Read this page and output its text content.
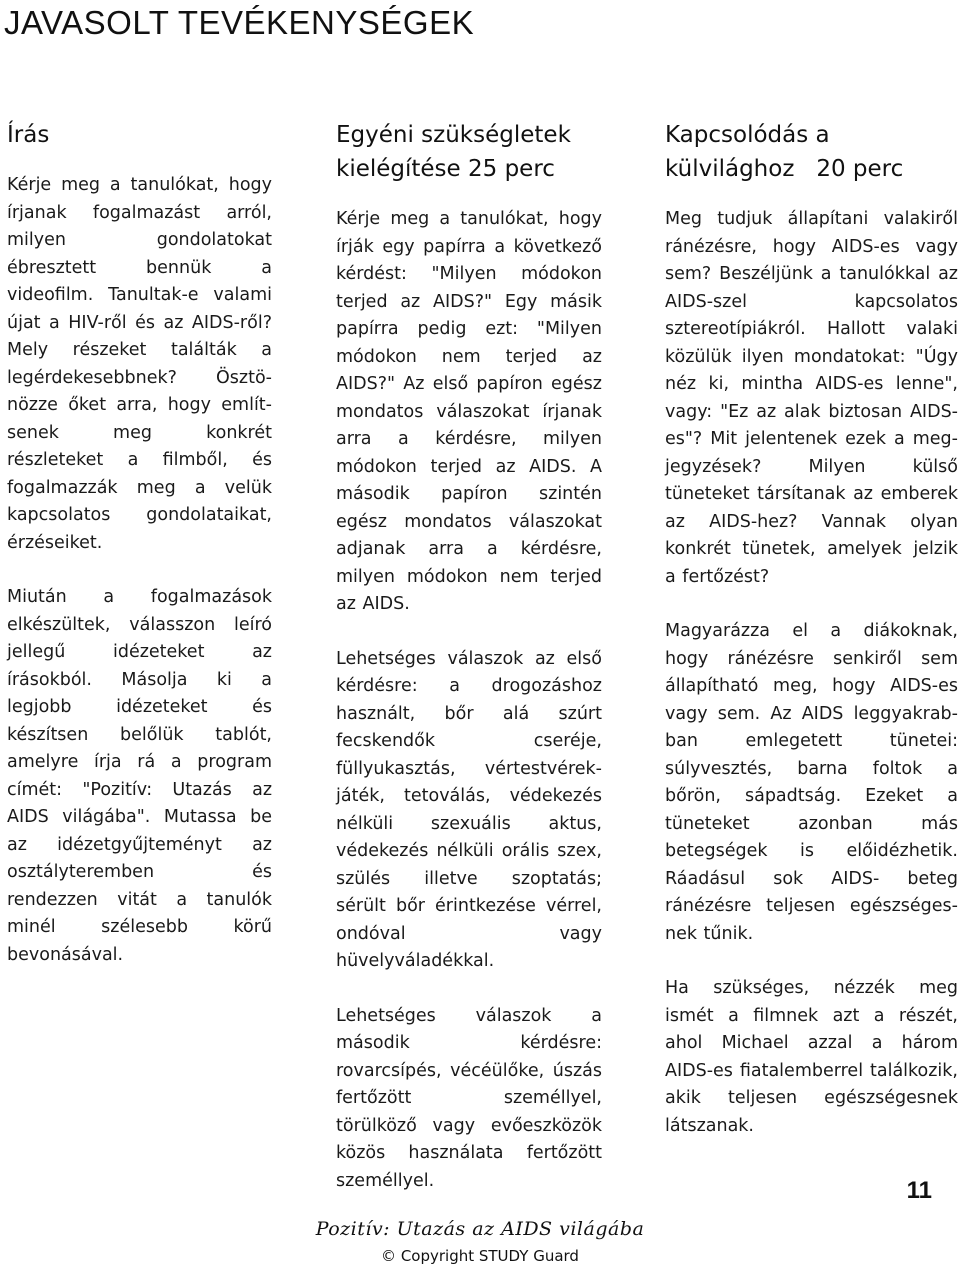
JAVASOLT TEVÉKENYSÉGEK
Írás

Kérje meg a tanulókat, hogy írjanak fogalmazást arról, milyen gondolatokat ébresztett bennük a videofilm. Tanultak-e valami újat a HIV-ről és az AIDS-ről? Mely részeket találták a legérdekesebbnek? Ösztönözze őket arra, hogy említsenek meg konkrét részleteket a filmből, és fogalmazzák meg a velük kapcsolatos gondolataikat, érzéseiket.

Miután a fogalmazások elkészültek, válasszon leíró jellegű idézeteket az írásokból. Másolja ki a legjobb idézeteket és készítsen belőlük tablót, amelyre írja rá a program címét: "Pozitív: Utazás az AIDS világába". Mutassa be az idézetgyűjteményt az osztályteremben és rendezzen vitát a tanulók minél szélesebb körű bevonásával.

Egyéni szükségletek kielégítése 25 perc

Kérje meg a tanulókat, hogy írják egy papírra a következő kérdést: "Milyen módokon terjed az AIDS?" Egy másik papírra pedig ezt: "Milyen módokon nem terjed az AIDS?" Az első papíron egész mondatos válaszokat írjanak arra a kérdésre, milyen módokon terjed az AIDS. A második papíron szintén egész mondatos válaszokat adjanak arra a kérdésre, milyen módokon nem terjed az AIDS.

Lehetséges válaszok az első kérdésre: a drogozáshoz használt, bőr alá szúrt fecskendők cseréje, füllyukasztás, vértestvérek- játék, tetoválás, védekezés nélküli szexuális aktus, védekezés nélküli orális szex, szülés illetve szoptatás; sérült bőr érintkezése vérrel, ondóval vagy hüvelyváladékkal.

Lehetséges válaszok a második kérdésre: rovarcsípés, vécéülőke, úszás fertőzött személlyel, törülköző vagy evőeszközök közös használata fertőzött személlyel.

Kapcsolódás a külvilághoz   20 perc

Meg tudjuk állapítani valakiről ránézésre, hogy AIDS-es vagy sem? Beszéljünk a tanulókkal az AIDS-szel kapcsolatos sztereotípiákról. Hallott valaki közülük ilyen mondatokat: "Úgy néz ki, mintha AIDS-es lenne", vagy: "Ez az alak biztosan AIDS-es"? Mit jelentenek ezek a megjegyzések? Milyen külső tüneteket társítanak az emberek az AIDS-hez? Vannak olyan konkrét tünetek, amelyek jelzik a fertőzést?

Magyarázza el a diákoknak, hogy ránézésre senkiről sem állapítható meg, hogy AIDS-es vagy sem. Az AIDS leggyakrabban emlegetett tünetei: súlyvesztés, barna foltok a bőrön, sápadtság. Ezeket a tüneteket azonban más betegségek is előidézhetik. Ráadásul sok AIDS- beteg ránézésre teljesen egészségesnek tűnik.

Ha szükséges, nézzék meg ismét a filmnek azt a részét, ahol Michael azzal a három AIDS-es fiatalemberrel találkozik, akik teljesen egészségesnek látszanak.

11

Pozitív: Utazás az AIDS világába
© Copyright STUDY Guard
